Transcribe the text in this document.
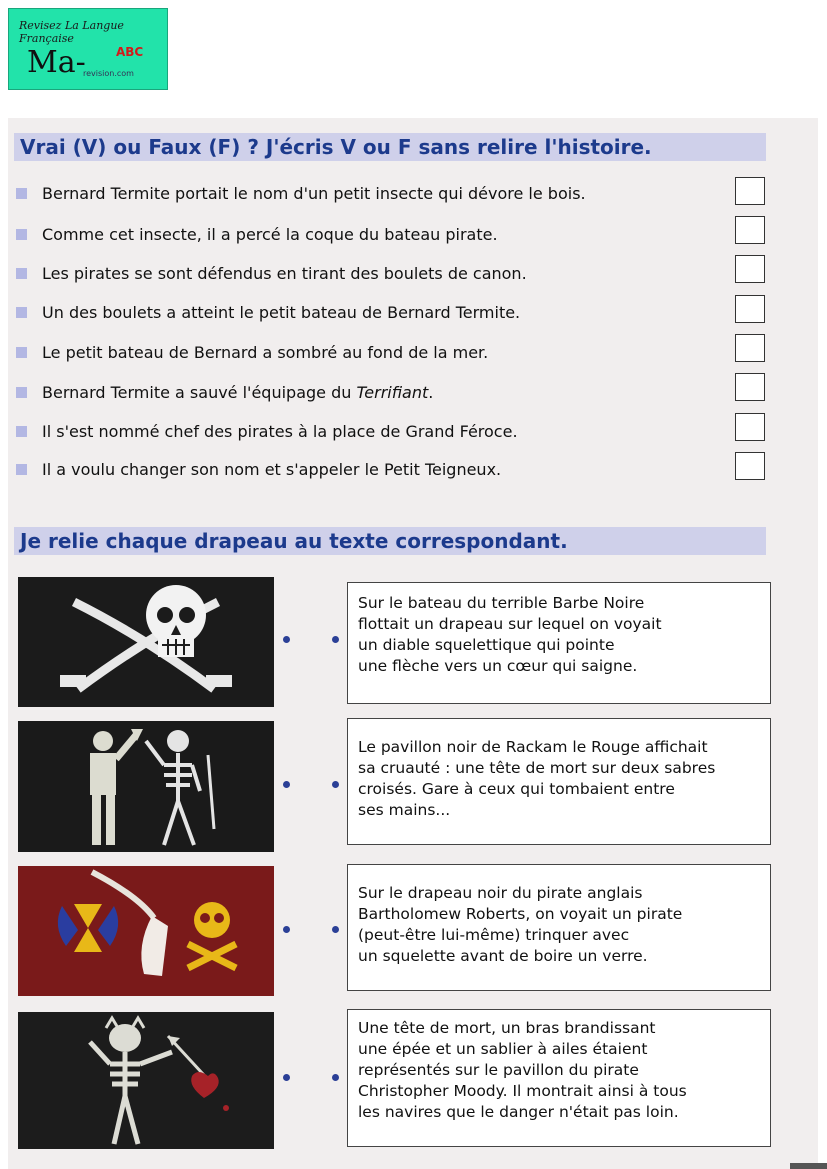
Revisez La Langue Française
Ma-	ABC
revision.com
Vrai (V) ou Faux (F) ? J'écris V ou F sans relire l'histoire.
Bernard Termite portait le nom d'un petit insecte qui dévore le bois.
Comme cet insecte, il a percé la coque du bateau pirate.
Les pirates se sont défendus en tirant des boulets de canon.
Un des boulets a atteint le petit bateau de Bernard Termite.
Le petit bateau de Bernard a sombré au fond de la mer.
Bernard Termite a sauvé l'équipage du Terrifiant.
Il s'est nommé chef des pirates à la place de Grand Féroce.
Il a voulu changer son nom et s'appeler le Petit Teigneux.
Je relie chaque drapeau au texte correspondant.
Sur le bateau du terrible Barbe Noire
flottait un drapeau sur lequel on voyait
un diable squelettique qui pointe
une flèche vers un cœur qui saigne.
Le pavillon noir de Rackam le Rouge affichait
sa cruauté : une tête de mort sur deux sabres
croisés. Gare à ceux qui tombaient entre
ses mains...
Sur le drapeau noir du pirate anglais
Bartholomew Roberts, on voyait un pirate
(peut-être lui-même) trinquer avec
un squelette avant de boire un verre.
Une tête de mort, un bras brandissant
une épée et un sablier à ailes étaient
représentés sur le pavillon du pirate
Christopher Moody. Il montrait ainsi à tous
les navires que le danger n'était pas loin.
